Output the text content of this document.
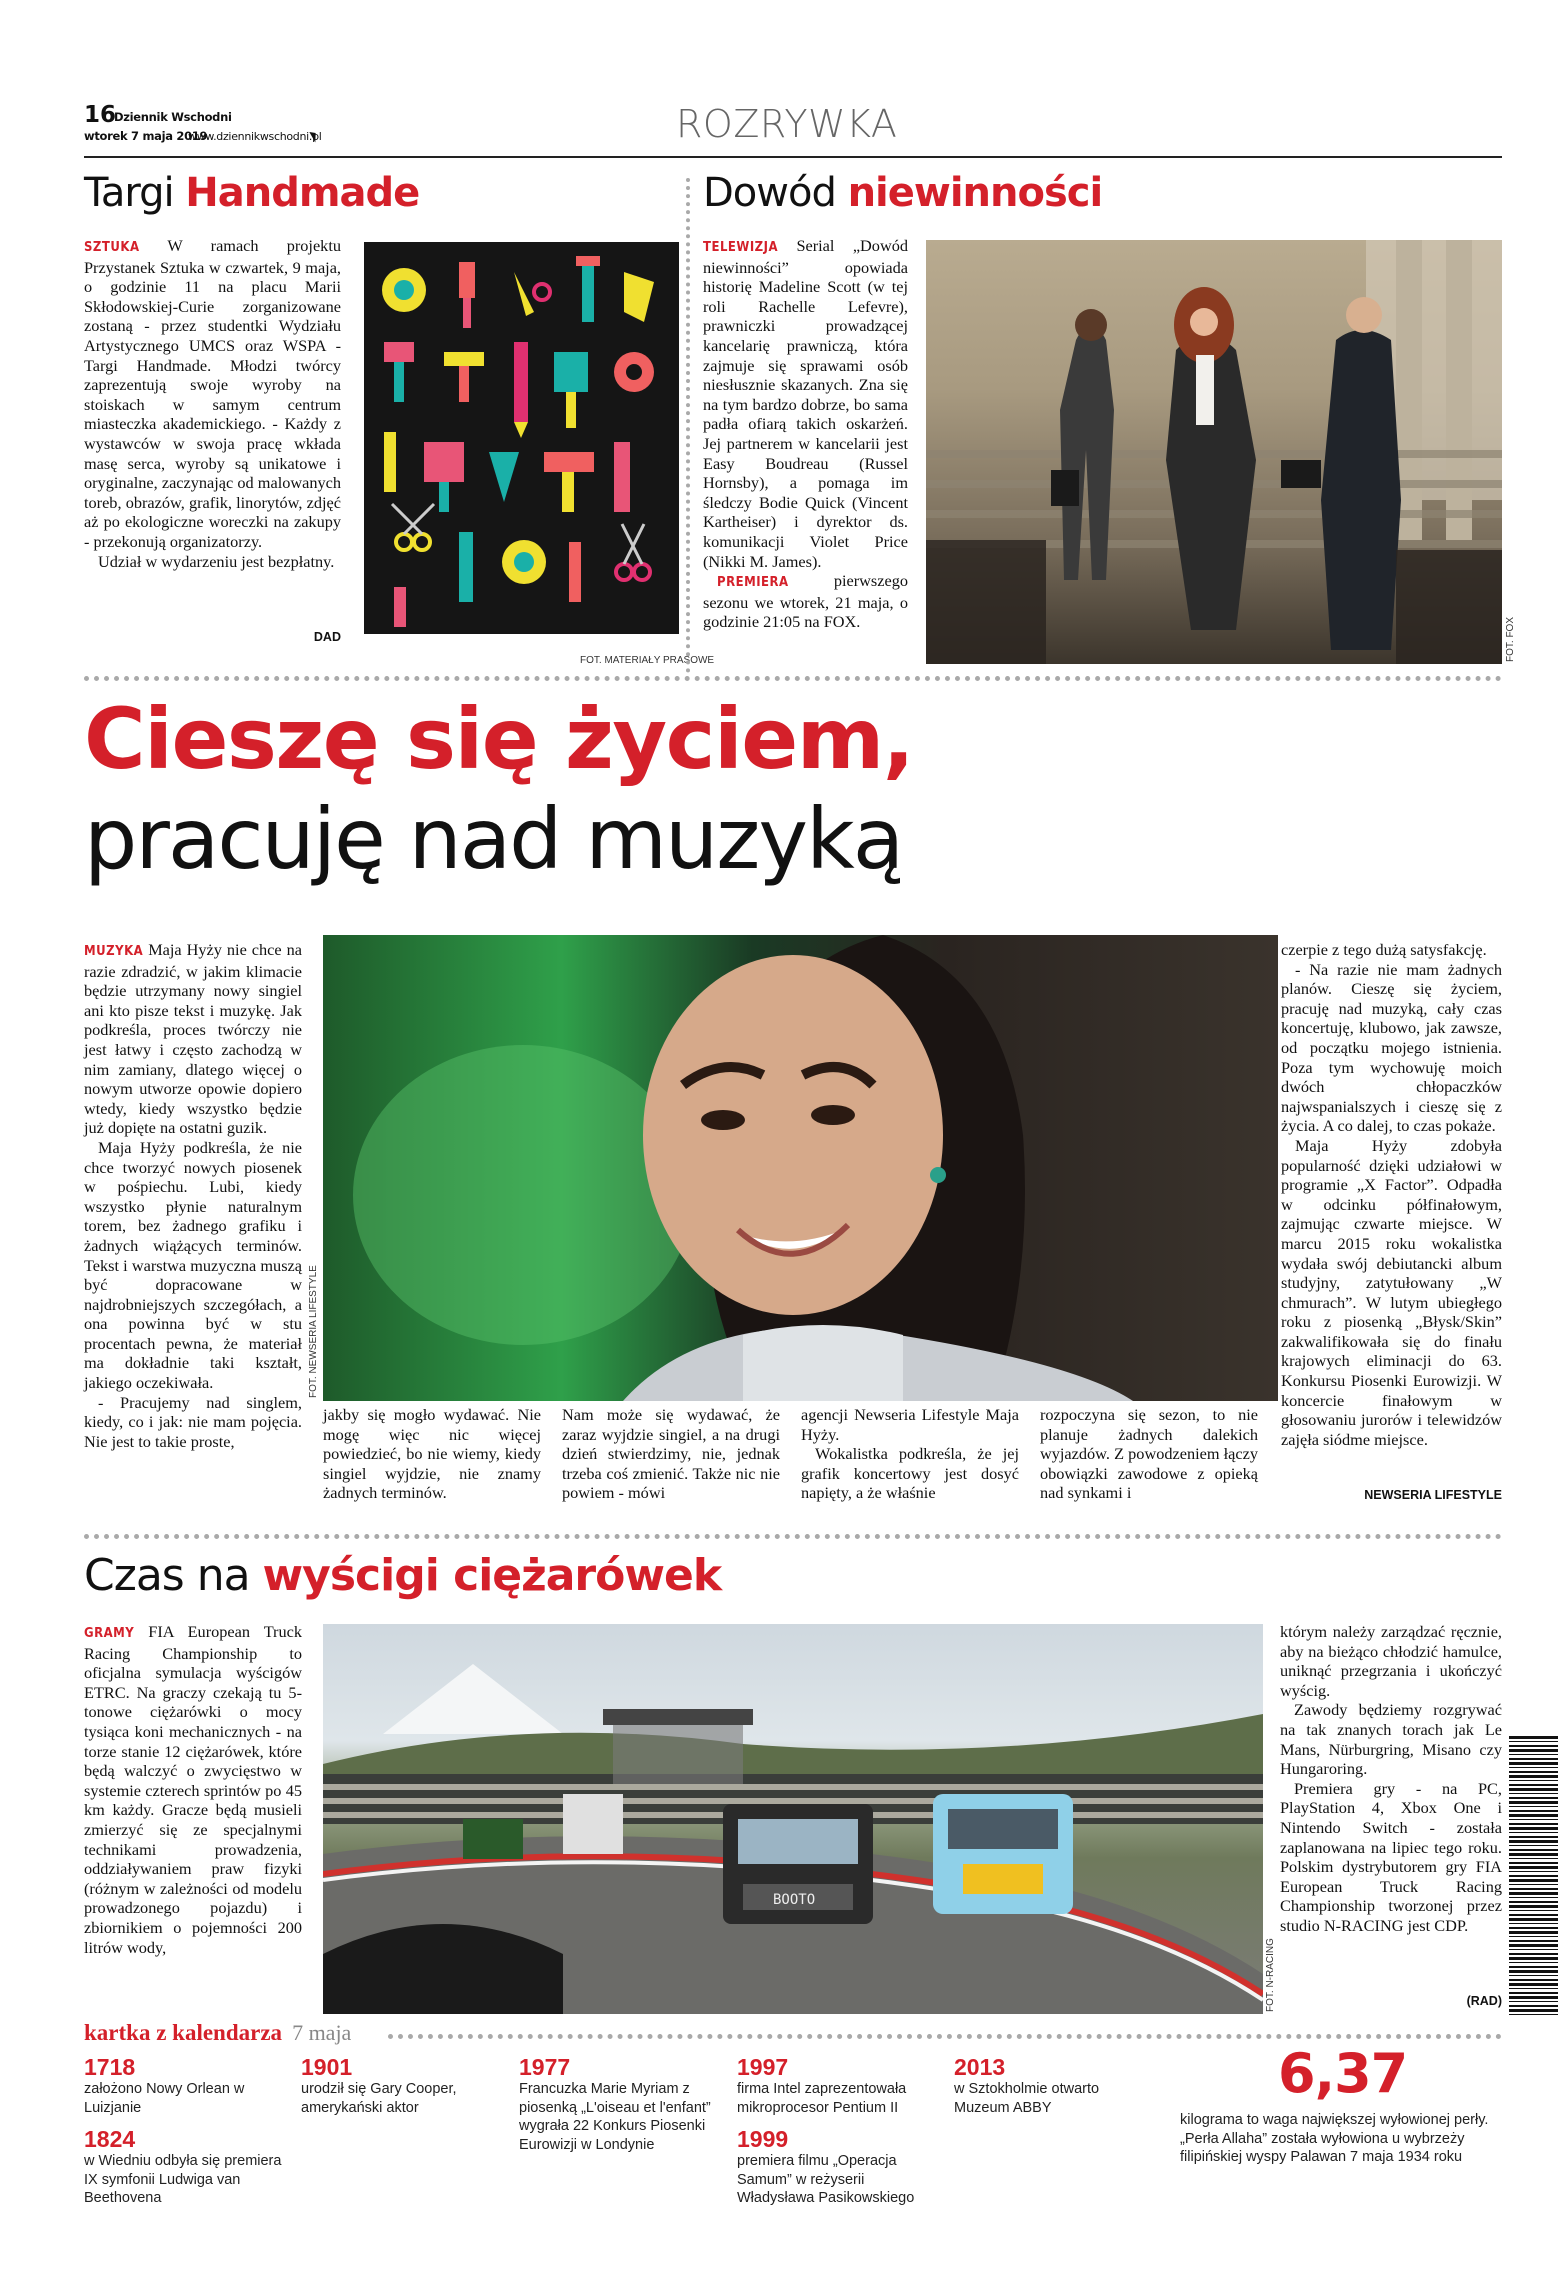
16
Dziennik Wschodni
wtorek 7 maja 2019
www.dziennikwschodni.pl	ROZRYWKA
Targi Handmade

SZTUKA W ramach projektu Przystanek Sztuka w czwartek, 9 maja, o godzinie 11 na placu Marii Skłodowskiej-Curie zorganizowane zostaną - przez studentki Wydziału Artystycznego UMCS oraz WSPA - Targi Handmade. Młodzi twórcy zaprezentują swoje wyroby na stoiskach w samym centrum miasteczka akademickiego. - Każdy z wystawców w swoja pracę wkłada masę serca, wyroby są unikatowe i oryginalne, zaczynając od malowanych toreb, obrazów, grafik, linorytów, zdjęć aż po ekologiczne woreczki na zakupy - przekonują organizatorzy.

Udział w wydarzeniu jest bezpłatny.

DAD
FOT. MATERIAŁY PRASOWE
Dowód niewinności

TELEWIZJA Serial „Dowód niewinności” opowiada historię Madeline Scott (w tej roli Rachelle Lefevre), prawniczki prowadzącej kancelarię prawniczą, która zajmuje się sprawami osób niesłusznie skazanych. Zna się na tym bardzo dobrze, bo sama padła ofiarą takich oskarżeń. Jej partnerem w kancelarii jest Easy Boudreau (Russel Hornsby), a pomaga im śledczy Bodie Quick (Vincent Kartheiser) i dyrektor ds. komunikacji Violet Price (Nikki M. James).

PREMIERA	pierwszego sezonu we wtorek, 21 maja, o godzinie 21:05 na FOX.	FOT. FOX
Cieszę się życiem,
pracuję nad muzyką

MUZYKA Maja Hyży nie chce na razie zdradzić, w jakim klimacie będzie utrzymany nowy singiel ani kto pisze tekst i muzykę. Jak podkreśla, proces twórczy nie jest łatwy i często zachodzą w nim zamiany, dlatego więcej o nowym utworze opowie dopiero wtedy, kiedy wszystko będzie już dopięte na ostatni guzik.

Maja Hyży podkreśla, że nie chce tworzyć nowych piosenek w pośpiechu. Lubi, kiedy wszystko płynie naturalnym torem, bez żadnego grafiku i żadnych wiążących terminów. Tekst i warstwa muzyczna muszą być dopracowane w najdrobniejszych szczegółach, a ona powinna być w stu procentach pewna, że materiał ma dokładnie taki kształt, jakiego oczekiwała.

- Pracujemy nad singlem, kiedy, co i jak: nie mam pojęcia. Nie jest to takie proste,

FOT. NEWSERIA LIFESTYLE
jakby się mogło wydawać. Nie mogę więc nic więcej powiedzieć, bo nie wiemy, kiedy singiel wyjdzie, nie znamy żadnych terminów.
Nam może się wydawać, że zaraz wyjdzie singiel, a na drugi dzień stwierdzimy, nie, jednak trzeba coś zmienić. Także nic nie powiem - mówi

agencji Newseria Lifestyle Maja Hyży.

Wokalistka podkreśla, że jej grafik koncertowy jest dosyć napięty, a że właśnie

rozpoczyna się sezon, to nie planuje żadnych dalekich wyjazdów. Z powodzeniem łączy obowiązki zawodowe z opieką nad synkami i

czerpie z tego dużą satysfakcję.

- Na razie nie mam żadnych planów. Cieszę się życiem, pracuję nad muzyką, cały czas koncertuję, klubowo, jak zawsze, od początku mojego istnienia. Poza tym wychowuję moich dwóch chłopaczków najwspanialszych i cieszę się z życia. A co dalej, to czas pokaże.

Maja Hyży zdobyła popularność dzięki udziałowi w programie „X Factor”. Odpadła w odcinku półfinałowym, zajmując czwarte miejsce. W marcu 2015 roku wokalistka wydała swój debiutancki album studyjny, zatytułowany „W chmurach”. W lutym ubiegłego roku z piosenką „Błysk/Skin” zakwalifikowała się do finału krajowych eliminacji do 63. Konkursu Piosenki Eurowizji. W koncercie finałowym w głosowaniu jurorów i telewidzów zajęła siódme miejsce.

NEWSERIA LIFESTYLE
Czas na wyścigi ciężarówek

GRAMY FIA European Truck Racing Championship to oficjalna symulacja wyścigów ETRC. Na graczy czekają tu 5-tonowe ciężarówki o mocy tysiąca koni mechanicznych - na torze stanie 12 ciężarówek, które będą walczyć o zwycięstwo w systemie czterech sprintów po 45 km każdy. Gracze będą musieli zmierzyć się ze specjalnymi technikami prowadzenia, oddziaływaniem praw fizyki (różnym w zależności od modelu prowadzonego pojazdu) i zbiornikiem o pojemności 200 litrów wody,

BOOTO
FOT. N-RACING

którym należy zarządzać ręcznie, aby na bieżąco chłodzić hamulce, uniknąć przegrzania i ukończyć wyścig.

Zawody będziemy rozgrywać na tak znanych torach jak Le Mans, Nürburgring, Misano czy Hungaroring.

Premiera gry - na PC, PlayStation 4, Xbox One i Nintendo Switch - została zaplanowana na lipiec tego roku. Polskim dystrybutorem gry FIA European Truck Racing Championship tworzonej przez studio N-RACING jest CDP.

(RAD)
kartka z kalendarza 7 maja
1718
założono Nowy Orlean w Luizjanie
1824
w Wiedniu odbyła się premiera IX symfonii Ludwiga van Beethovena
1901
urodził się Gary Cooper, amerykański aktor
1977
Francuzka Marie Myriam z piosenką „L'oiseau et l'enfant” wygrała 22 Konkurs Piosenki Eurowizji w Londynie
1997
firma Intel zaprezentowała mikroprocesor Pentium II
1999
premiera filmu „Operacja Samum” w reżyserii Władysława Pasikowskiego
2013
w Sztokholmie otwarto Muzeum ABBY
6,37
kilograma to waga największej wyłowionej perły. „Perła Allaha” została wyłowiona u wybrzeży filipińskiej wyspy Palawan 7 maja 1934 roku
